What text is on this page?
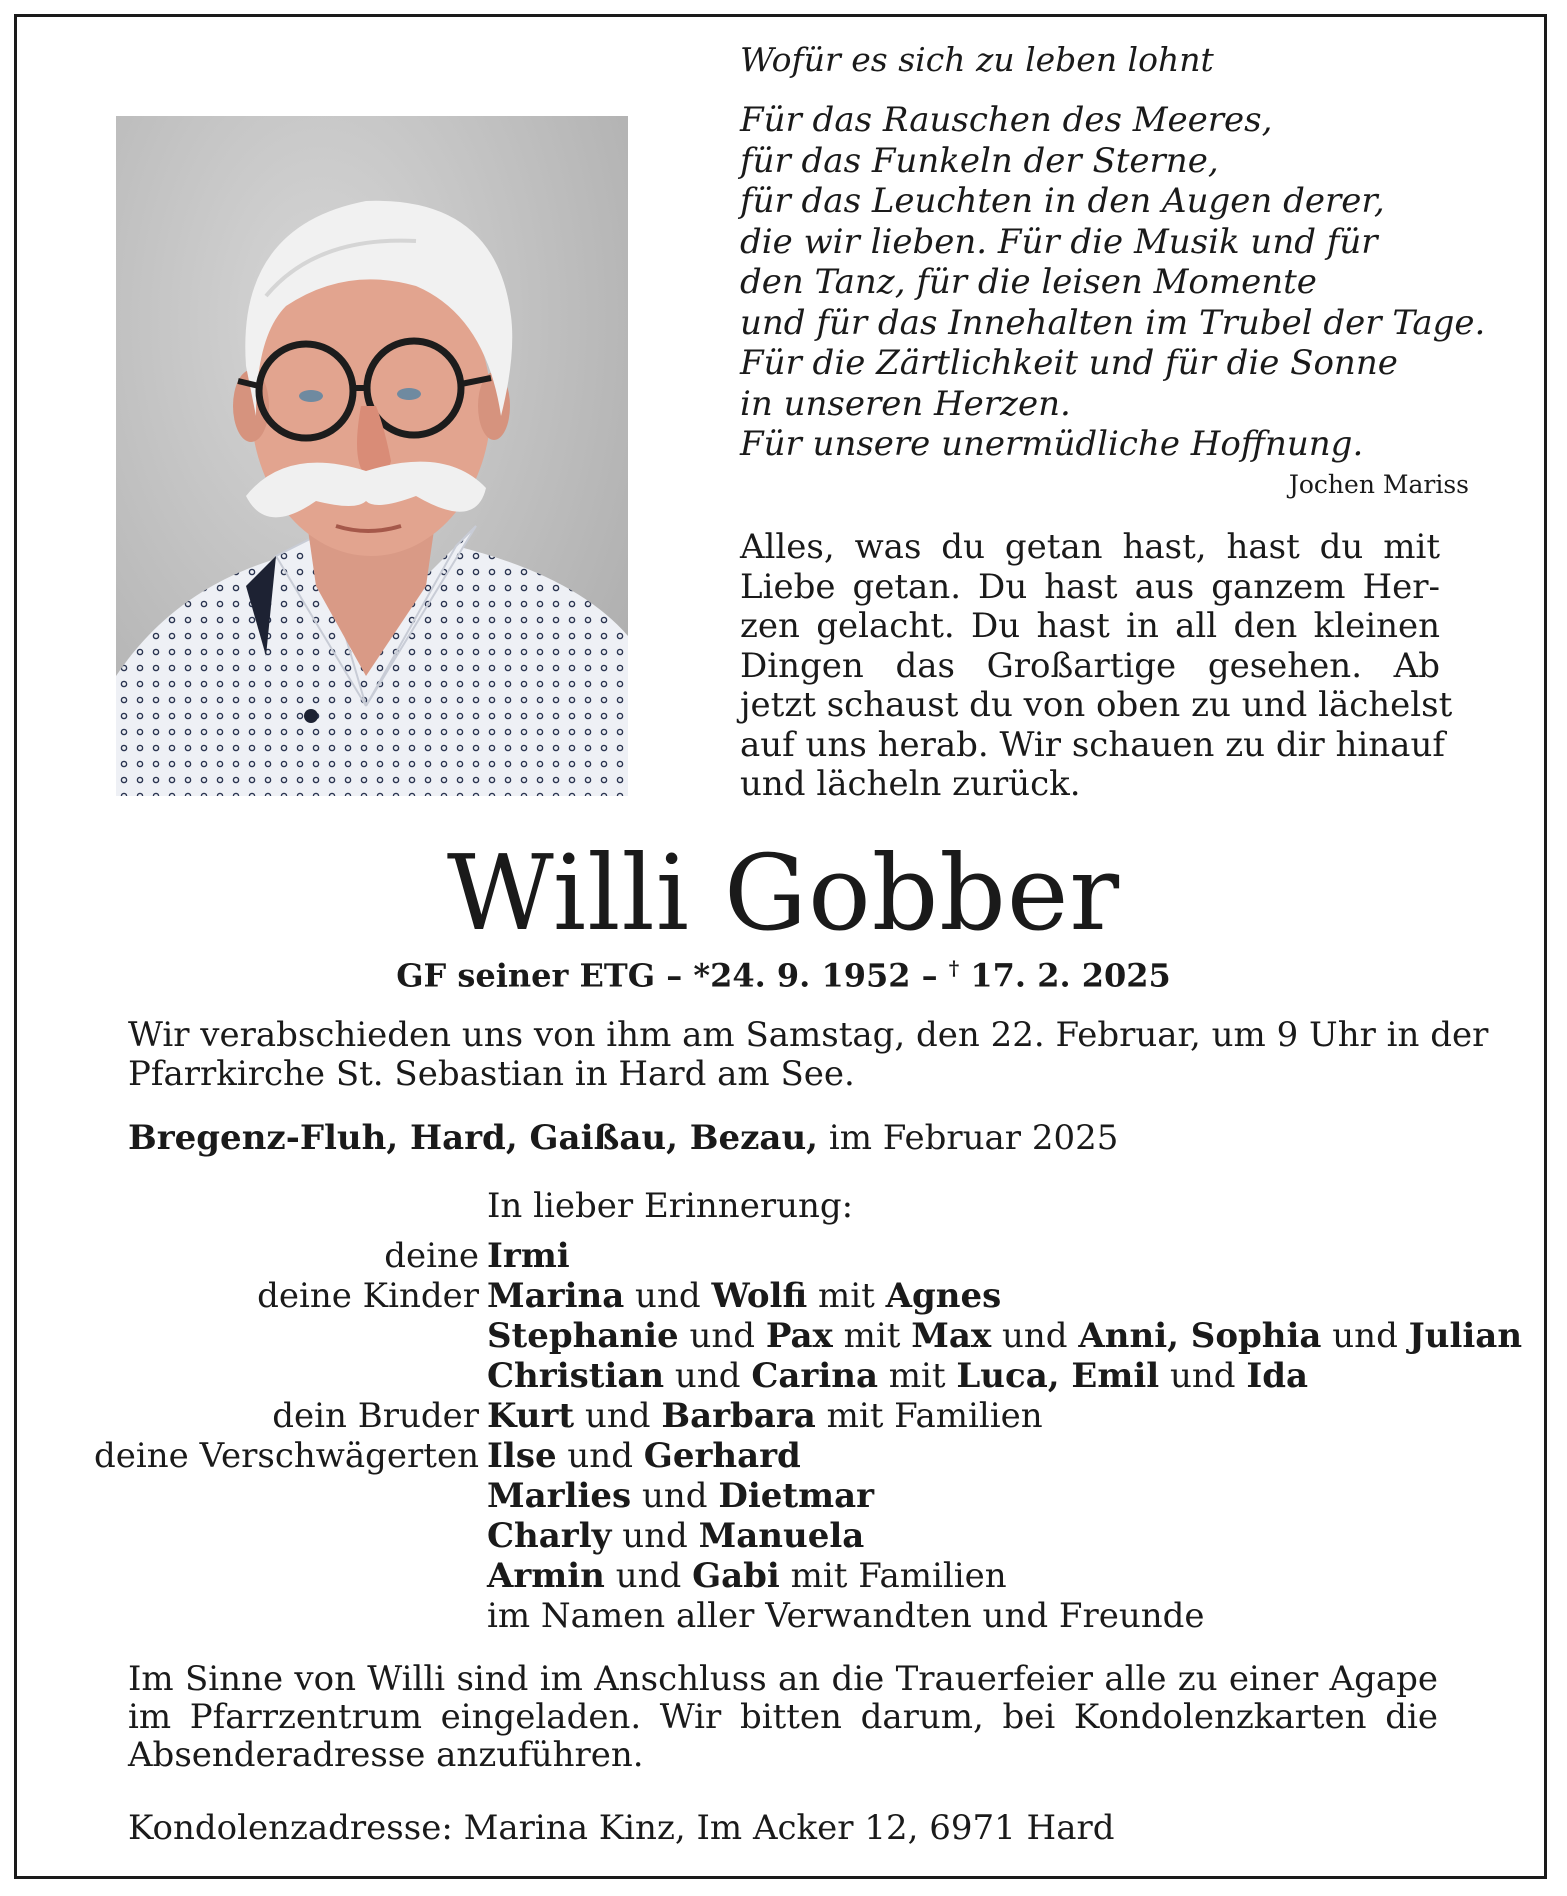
Wofür es sich zu leben lohnt
Für das Rauschen des Meeres,
für das Funkeln der Sterne,
für das Leuchten in den Augen derer,
die wir lieben. Für die Musik und für
den Tanz, für die leisen Momente
und für das Innehalten im Trubel der Tage.
Für die Zärtlichkeit und für die Sonne
in unseren Herzen.
Für unsere unermüdliche Hoffnung.
Jochen Mariss
Alles, was du getan hast, hast du mit
Liebe getan. Du hast aus ganzem Her-
zen gelacht. Du hast in all den kleinen
Dingen das Großartige gesehen. Ab
jetzt schaust du von oben zu und lächelst
auf uns herab. Wir schauen zu dir hinauf
und lächeln zurück.
Willi Gobber
GF seiner ETG – *24. 9. 1952 – † 17. 2. 2025
Wir verabschieden uns von ihm am Samstag, den 22. Februar, um 9 Uhr in der
Pfarrkirche St. Sebastian in Hard am See.
Bregenz-Fluh, Hard, Gaißau, Bezau, im Februar 2025
In lieber Erinnerung:
deine Irmi
deine Kinder Marina und Wolfi mit Agnes
Stephanie und Pax mit Max und Anni, Sophia und Julian
Christian und Carina mit Luca, Emil und Ida
dein Bruder Kurt und Barbara mit Familien
deine Verschwägerten Ilse und Gerhard
Marlies und Dietmar
Charly und Manuela
Armin und Gabi mit Familien
im Namen aller Verwandten und Freunde
Im Sinne von Willi sind im Anschluss an die Trauerfeier alle zu einer Agape
im Pfarrzentrum eingeladen. Wir bitten darum, bei Kondolenzkarten die
Absenderadresse anzuführen.
Kondolenzadresse: Marina Kinz, Im Acker 12, 6971 Hard
